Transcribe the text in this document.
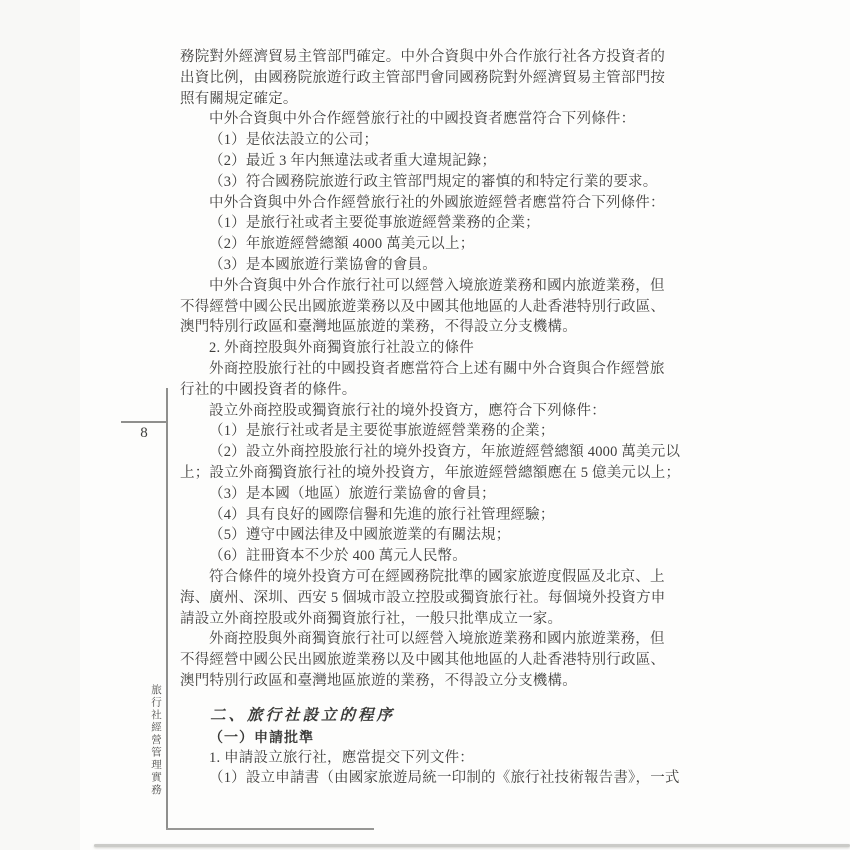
8
旅行社經營管理實務
務院對外經濟貿易主管部門確定。中外合資與中外合作旅行社各方投資者的
出資比例，由國務院旅遊行政主管部門會同國務院對外經濟貿易主管部門按
照有關規定確定。
中外合資與中外合作經營旅行社的中國投資者應當符合下列條件：
（1）是依法設立的公司；
（2）最近 3 年内無違法或者重大違規記錄；
（3）符合國務院旅遊行政主管部門規定的審慎的和特定行業的要求。
中外合資與中外合作經營旅行社的外國旅遊經營者應當符合下列條件：
（1）是旅行社或者主要從事旅遊經營業務的企業；
（2）年旅遊經營總額 4000 萬美元以上；
（3）是本國旅遊行業協會的會員。
中外合資與中外合作旅行社可以經營入境旅遊業務和國内旅遊業務，但
不得經營中國公民出國旅遊業務以及中國其他地區的人赴香港特別行政區、
澳門特別行政區和臺灣地區旅遊的業務，不得設立分支機構。
2. 外商控股與外商獨資旅行社設立的條件
外商控股旅行社的中國投資者應當符合上述有關中外合資與合作經營旅
行社的中國投資者的條件。
設立外商控股或獨資旅行社的境外投資方，應符合下列條件：
（1）是旅行社或者是主要從事旅遊經營業務的企業；
（2）設立外商控股旅行社的境外投資方，年旅遊經營總額 4000 萬美元以
上；設立外商獨資旅行社的境外投資方，年旅遊經營總額應在 5 億美元以上；
（3）是本國（地區）旅遊行業協會的會員；
（4）具有良好的國際信譽和先進的旅行社管理經驗；
（5）遵守中國法律及中國旅遊業的有關法規；
（6）註冊資本不少於 400 萬元人民幣。
符合條件的境外投資方可在經國務院批準的國家旅遊度假區及北京、上
海、廣州、深圳、西安 5 個城市設立控股或獨資旅行社。每個境外投資方申
請設立外商控股或外商獨資旅行社，一般只批準成立一家。
外商控股與外商獨資旅行社可以經營入境旅遊業務和國内旅遊業務，但
不得經營中國公民出國旅遊業務以及中國其他地區的人赴香港特別行政區、
澳門特別行政區和臺灣地區旅遊的業務，不得設立分支機構。
二、旅行社設立的程序
（一）申請批準
1. 申請設立旅行社，應當提交下列文件：
（1）設立申請書（由國家旅遊局統一印制的《旅行社技術報告書》，一式
